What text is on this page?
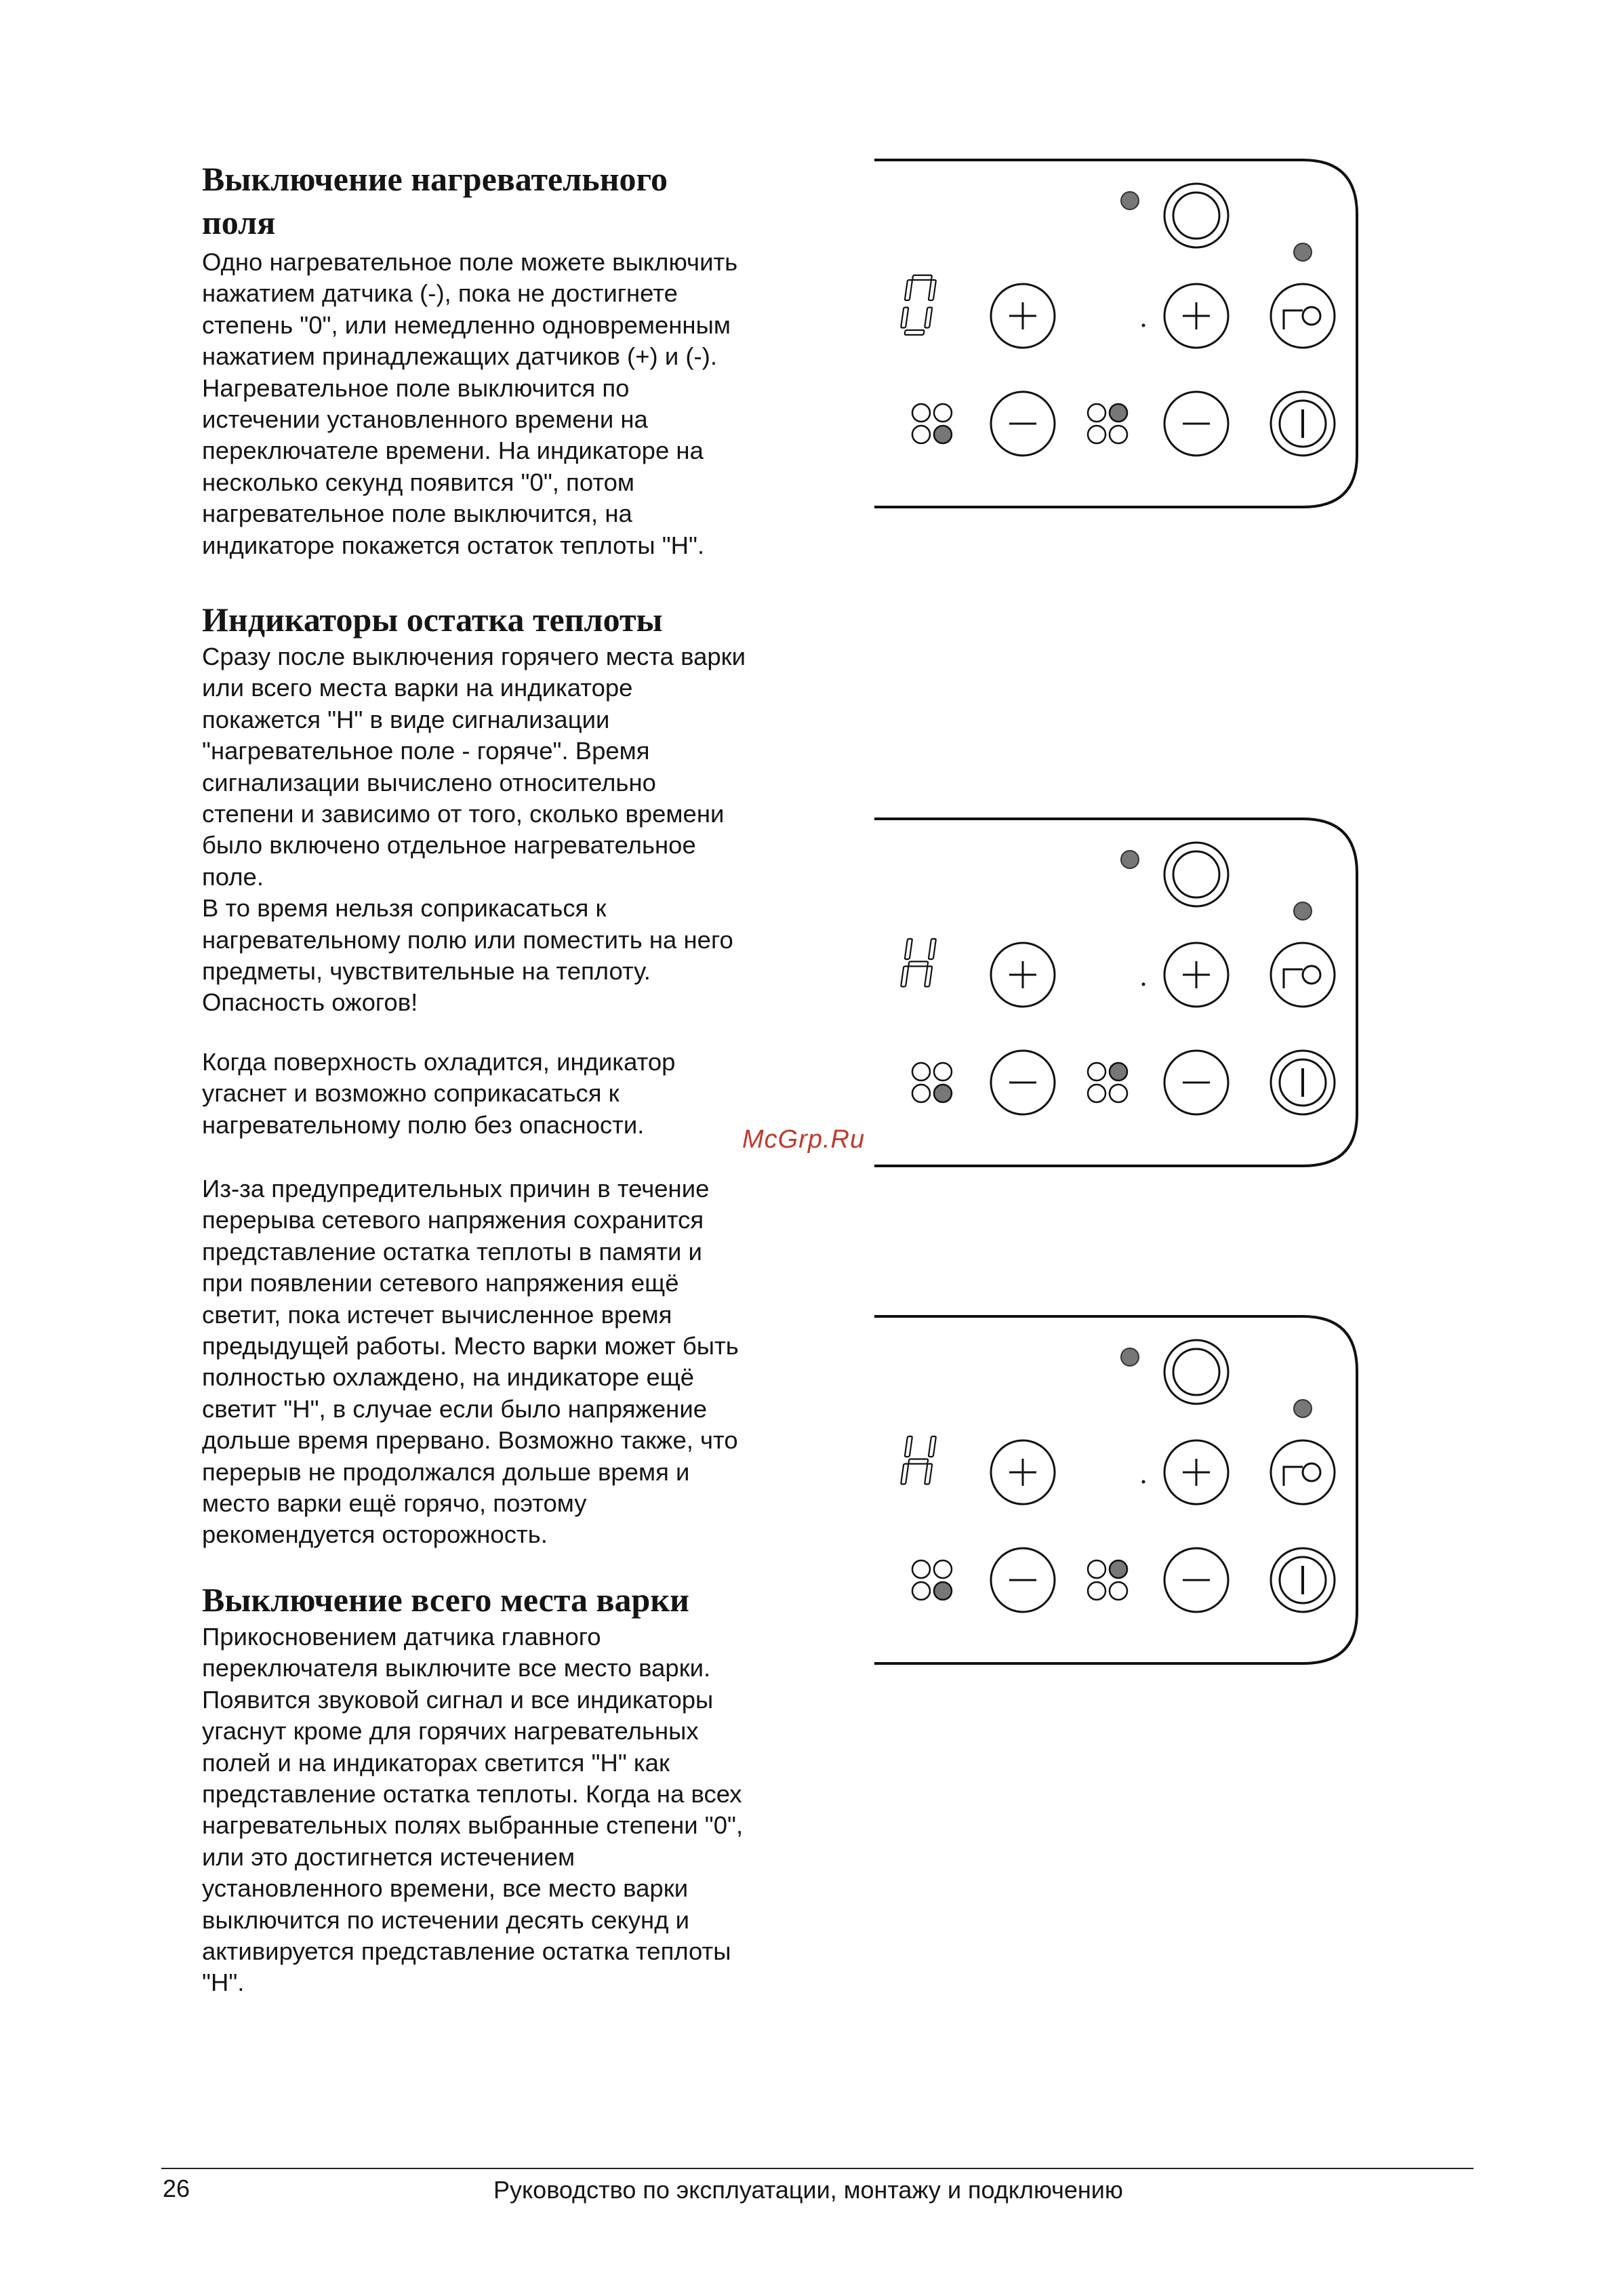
Выключение нагревательного
поля
Одно нагревательное поле можете выключить
нажатием датчика (-), пока не достигнете
степень "0", или немедленно одновременным
нажатием принадлежащих датчиков (+) и (-).
Нагревательное поле выключится по
истечении установленного времени на
переключателе времени. На индикаторе на
несколько секунд появится "0", потом
нагревательное поле выключится, на
индикаторе покажется остаток теплоты "H".
Индикаторы остатка теплоты
Сразу после выключения горячего места варки
или всего места варки на индикаторе
покажется "H" в виде сигнализации
"нагревательное поле - горяче". Время
сигнализации вычислено относительно
степени и зависимо от того, сколько времени
было включено отдельное нагревательное
поле.
В то время нельзя соприкасаться к
нагревательному полю или поместить на него
предметы, чувствительные на теплоту.
Опасность ожогов!
Когда поверхность охладится, индикатор
угаснет и возможно соприкасаться к
нагревательному полю без опасности.
Из-за предупредительных причин в течение
перерыва сетевого напряжения сохранится
представление остатка теплоты в памяти и
при появлении сетевого напряжения ещё
светит, пока истечет вычисленное время
предыдущей работы. Место варки может быть
полностью охлаждено, на индикаторе ещё
светит "H", в случае если было напряжение
дольше время прервано. Возможно также, что
перерыв не продолжался дольше время и
место варки ещё горячо, поэтому
рекомендуется осторожность.
Выключение всего места варки
Прикосновением датчика главного
переключателя выключите все место варки.
Появится звуковой сигнал и все индикаторы
угаснут кроме для горячих нагревательных
полей и на индикаторах светится "H" как
представление остатка теплоты. Когда на всех
нагревательных полях выбранные степени "0",
или это достигнется истечением
установленного времени, все место варки
выключится по истечении десять секунд и
активируется представление остатка теплоты
"H".
McGrp.Ru
26	Руководство по эксплуатации, монтажу и подключению
